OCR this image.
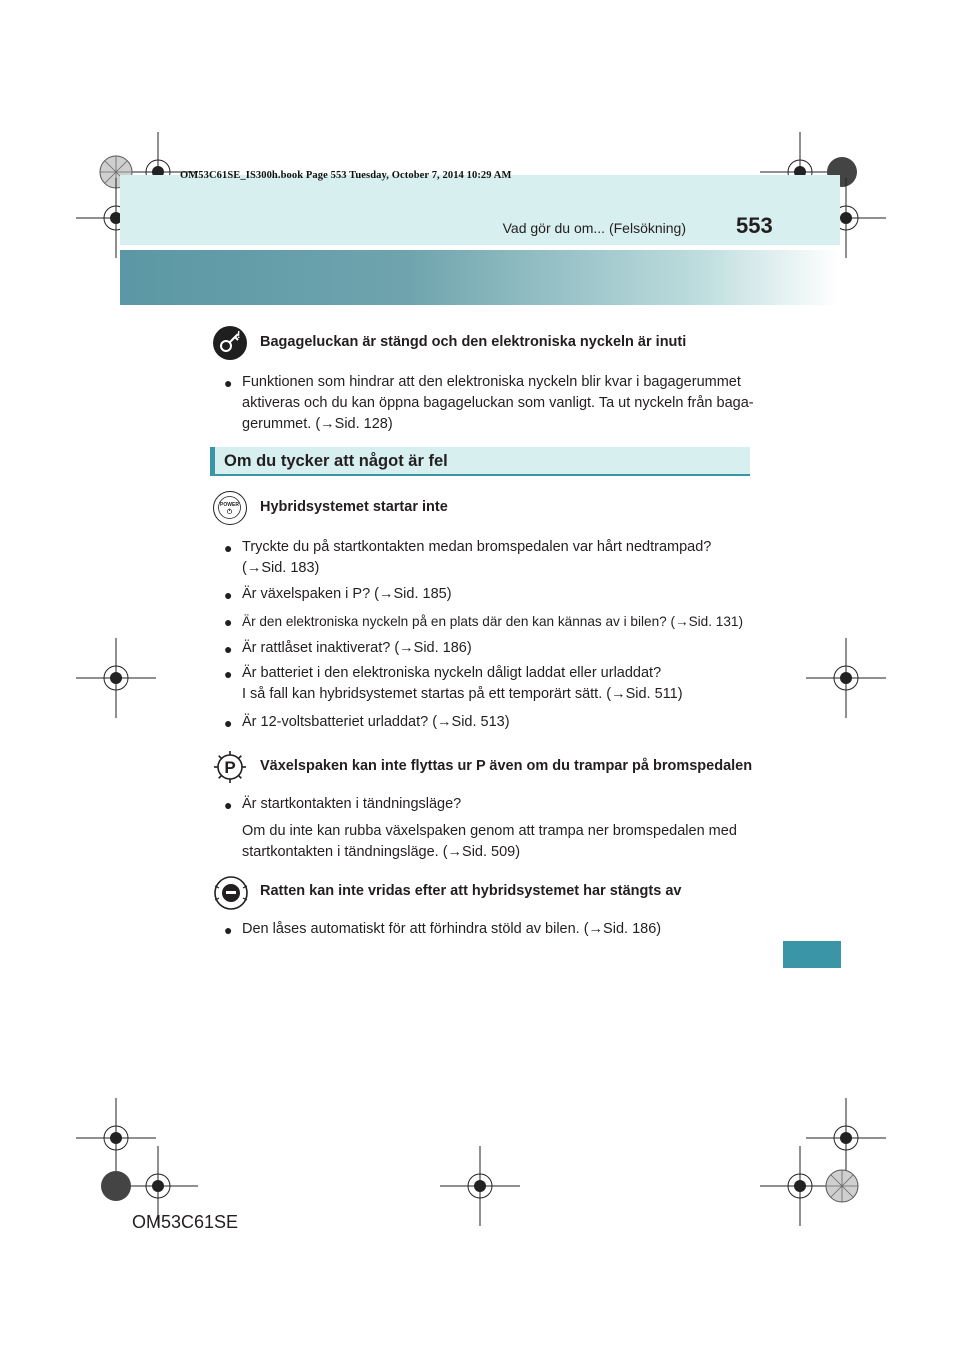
OM53C61SE_IS300h.book Page 553 Tuesday, October 7, 2014 10:29 AM
Vad gör du om... (Felsökning) 553
! Bagageluckan är stängd och den elektroniska nyckeln är inuti
● Funktionen som hindrar att den elektroniska nyckeln blir kvar i bagagerummet
aktiveras och du kan öppna bagageluckan som vanligt. Ta ut nyckeln från baga-
gerummet. (→Sid. 128)
Om du tycker att något är fel
POWER Hybridsystemet startar inte
● Tryckte du på startkontakten medan bromspedalen var hårt nedtrampad?
(→Sid. 183)
● Är växelspaken i P? (→Sid. 185)
● Är den elektroniska nyckeln på en plats där den kan kännas av i bilen? (→Sid. 131)
● Är rattlåset inaktiverat? (→Sid. 186)
● Är batteriet i den elektroniska nyckeln dåligt laddat eller urladdat?
I så fall kan hybridsystemet startas på ett temporärt sätt. (→Sid. 511)
● Är 12-voltsbatteriet urladdat? (→Sid. 513)
P Växelspaken kan inte flyttas ur P även om du trampar på bromspedalen
● Är startkontakten i tändningsläge?
Om du inte kan rubba växelspaken genom att trampa ner bromspedalen med
startkontakten i tändningsläge. (→Sid. 509)
Ratten kan inte vridas efter att hybridsystemet har stängts av
● Den låses automatiskt för att förhindra stöld av bilen. (→Sid. 186)
OM53C61SE
